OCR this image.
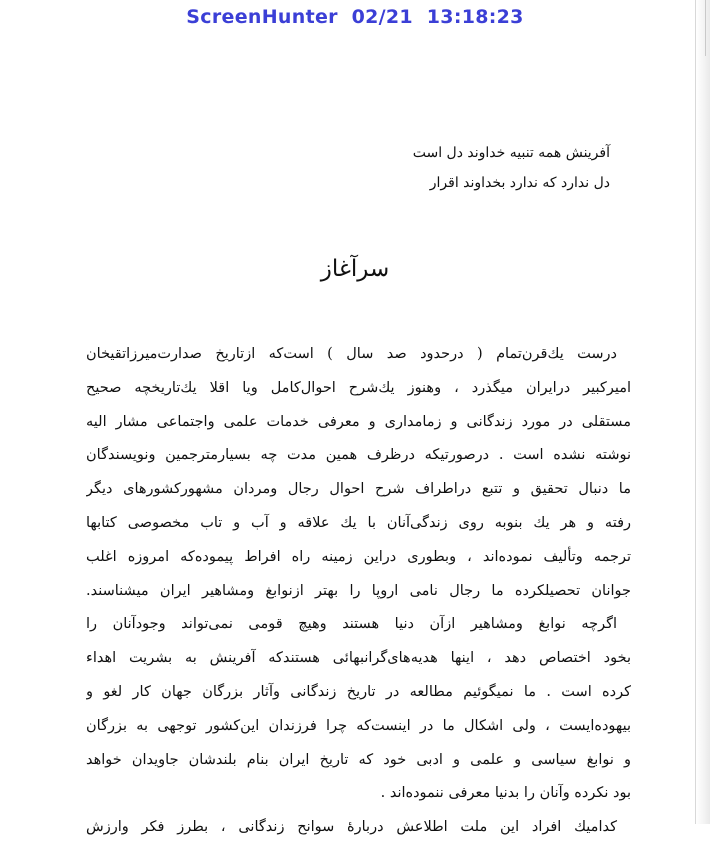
ScreenHunter  02/21  13:18:23
آفرینش همه تنبیه خداوند دل است
دل ندارد که ندارد بخداوند اقرار
سرآغاز
درست يك‌قرن‌تمام ( درحدود صد سال ) است‌که ازتاریخ صدارت‌میرزاتقیخان
امیرکبیر درایران میگذرد ، وهنوز يك‌شرح احوال‌کامل ویا اقلا يك‌تاریخچه صحیح
مستقلی در مورد زندگانی و زمامداری و معرفی خدمات علمی واجتماعی مشار الیه
نوشته نشده است . درصورتیکه درظرف همین مدت چه بسیارمترجمین ونویسندگان
ما دنبال تحقیق و تتبع دراطراف شرح احوال رجال ومردان مشهورکشورهای دیگر
رفته و هر يك بنوبه روی زندگی‌آنان با يك علاقه و آب و تاب مخصوصی کتابها
ترجمه وتألیف نموده‌اند ، وبطوری دراین زمینه راه افراط پیموده‌که امروزه اغلب
جوانان تحصیلکرده ما رجال نامی اروپا را بهتر ازنوابغ ومشاهیر ایران میشناسند.
اگرچه نوابغ ومشاهیر ازآن دنیا هستند وهیچ قومی نمی‌تواند وجودآنان را
بخود اختصاص دهد ، اینها هدیه‌های‌گرانبهائی هستندکه آفرینش به بشریت اهداء
کرده است . ما نمیگوئیم مطالعه در تاریخ زندگانی وآثار بزرگان جهان کار لغو و
بیهوده‌ایست ، ولی اشکال ما در اینست‌که چرا فرزندان این‌کشور توجهی به بزرگان
و نوابغ سیاسی و علمی و ادبی خود که تاریخ ایران بنام بلندشان جاویدان خواهد
بود نکرده وآنان را بدنیا معرفی ننموده‌اند .
کداميك افراد این ملت اطلاعش دربارهٔ سوانح زندگانی ، بطرز فکر وارزش
